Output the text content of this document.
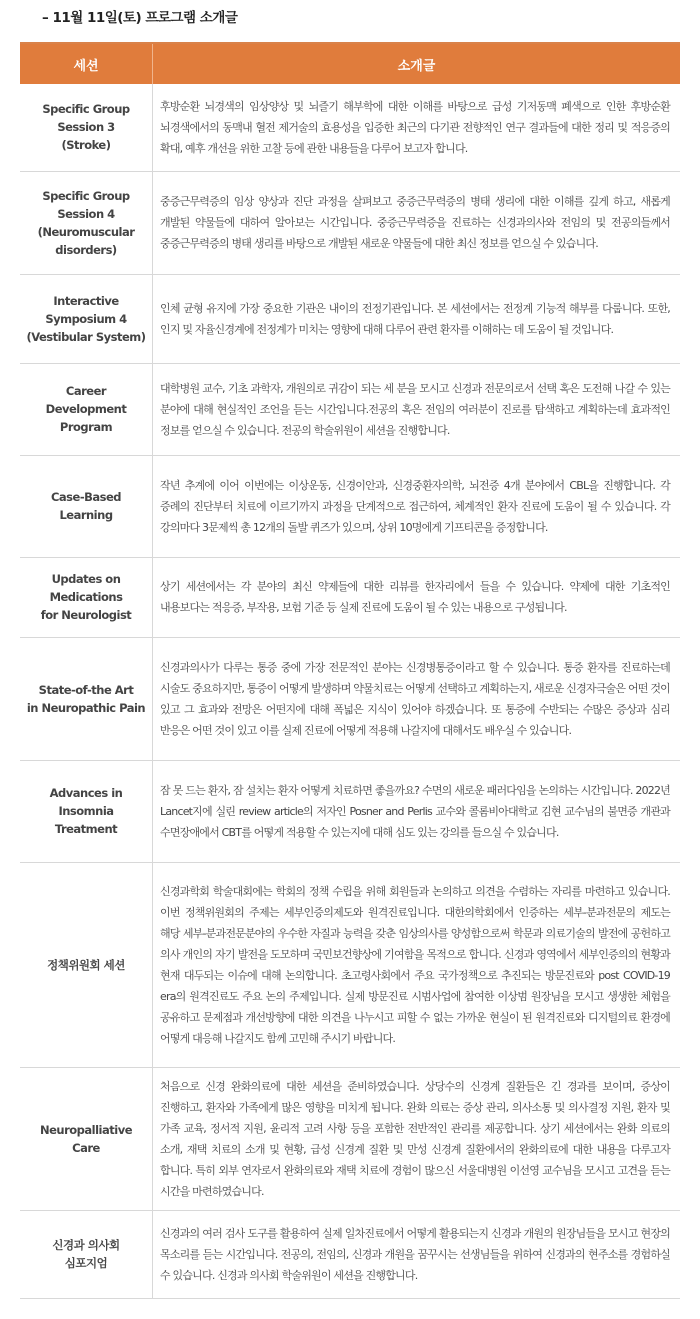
– 11월 11일(토) 프로그램 소개글
세션	소개글
Specific Group
Session 3
(Stroke)	후방순환 뇌경색의 임상양상 및 뇌즐기 해부학에 대한 이해를 바탕으로 급성 기저동맥 폐색으로 인한 후방순환 뇌경색에서의 동맥내 혈전 제거술의 효용성을 입증한 최근의 다기관 전향적인 연구 결과들에 대한 정리 및 적응증의 확대, 예후 개선을 위한 고찰 등에 관한 내용들을 다루어 보고자 합니다.
Specific Group
Session 4
(Neuromuscular
disorders)	중증근무력증의 임상 양상과 진단 과정을 살펴보고 중증근무력증의 병태 생리에 대한 이해를 깊게 하고, 새롭게 개발된 약물들에 대하여 알아보는 시간입니다. 중증근무력증을 진료하는 신경과의사와 전임의 및 전공의들께서 중증근무력증의 병태 생리를 바탕으로 개발된 새로운 약물들에 대한 최신 정보를 얻으실 수 있습니다.
Interactive
Symposium 4
(Vestibular System)	인체 균형 유지에 가장 중요한 기관은 내이의 전정기관입니다. 본 세션에서는 전정계 기능적 해부를 다룹니다. 또한, 인지 및 자율신경계에 전정계가 미치는 영향에 대해 다루어 관련 환자를 이해하는 데 도움이 될 것입니다.
Career
Development
Program	대학병원 교수, 기초 과학자, 개원의로 귀감이 되는 세 분을 모시고 신경과 전문의로서 선택 혹은 도전해 나갈 수 있는 분야에 대해 현실적인 조언을 듣는 시간입니다.전공의 혹은 전임의 여러분이 진로를 탐색하고 계획하는데 효과적인 정보를 얻으실 수 있습니다. 전공의 학술위원이 세션을 진행합니다.
Case-Based
Learning	작년 추계에 이어 이번에는 이상운동, 신경이안과, 신경중환자의학, 뇌전증 4개 분야에서 CBL을 진행합니다. 각 증례의 진단부터 치료에 이르기까지 과정을 단계적으로 접근하여, 체계적인 환자 진료에 도움이 될 수 있습니다. 각 강의마다 3문제씩 총 12개의 돌발 퀴즈가 있으며, 상위 10명에게 기프티콘을 증정합니다.
Updates on
Medications
for Neurologist	상기 세션에서는 각 분야의 최신 약제들에 대한 리뷰를 한자리에서 들을 수 있습니다. 약제에 대한 기초적인 내용보다는 적응증, 부작용, 보험 기준 등 실제 진료에 도움이 될 수 있는 내용으로 구성됩니다.
State-of-the Art
in Neuropathic Pain	신경과의사가 다루는 통증 중에 가장 전문적인 분야는 신경병통증이라고 할 수 있습니다. 통증 환자를 진료하는데 시술도 중요하지만, 통증이 어떻게 발생하며 약물치료는 어떻게 선택하고 계획하는지, 새로운 신경자극술은 어떤 것이 있고 그 효과와 전망은 어떤지에 대해 폭넓은 지식이 있어야 하겠습니다. 또 통증에 수반되는 수많은 증상과 심리 반응은 어떤 것이 있고 이를 실제 진료에 어떻게 적용해 나갈지에 대해서도 배우실 수 있습니다.
Advances in
Insomnia
Treatment	잠 못 드는 환자, 잠 설치는 환자 어떻게 치료하면 좋을까요? 수면의 새로운 패러다임을 논의하는 시간입니다. 2022년 Lancet지에 실린 review article의 저자인 Posner and Perlis 교수와 콜롬비아대학교 김현 교수님의 불면증 개관과 수면장애에서 CBT를 어떻게 적용할 수 있는지에 대해 심도 있는 강의를 들으실 수 있습니다.
정책위원회 세션	신경과학회 학술대회에는 학회의 정책 수립을 위해 회원들과 논의하고 의견을 수렴하는 자리를 마련하고 있습니다. 이번 정책위원회의 주제는 세부인증의제도와 원격진료입니다. 대한의학회에서 인증하는 세부-분과전문의 제도는 해당 세부-분과전문분야의 우수한 자질과 능력을 갖춘 임상의사를 양성함으로써 학문과 의료기술의 발전에 공헌하고 의사 개인의 자기 발전을 도모하며 국민보건향상에 기여함을 목적으로 합니다. 신경과 영역에서 세부인증의의 현황과 현재 대두되는 이슈에 대해 논의합니다. 초고령사회에서 주요 국가정책으로 추진되는 방문진료와 post COVID-19 era의 원격진료도 주요 논의 주제입니다. 실제 방문진료 시범사업에 참여한 이상범 원장님을 모시고 생생한 체험을 공유하고 문제점과 개선방향에 대한 의견을 나누시고 피할 수 없는 가까운 현실이 된 원격진료와 디지털의료 환경에 어떻게 대응해 나갈지도 함께 고민해 주시기 바랍니다.
Neuropalliative
Care	처음으로 신경 완화의료에 대한 세션을 준비하였습니다. 상당수의 신경계 질환들은 긴 경과를 보이며, 증상이 진행하고, 환자와 가족에게 많은 영향을 미치게 됩니다. 완화 의료는 증상 관리, 의사소통 및 의사결정 지원, 환자 및 가족 교육, 정서적 지원, 윤리적 고려 사항 등을 포함한 전반적인 관리를 제공합니다. 상기 세션에서는 완화 의료의 소개, 재택 치료의 소개 및 현황, 급성 신경계 질환 및 만성 신경계 질환에서의 완화의료에 대한 내용을 다루고자 합니다. 특히 외부 연자로서 완화의료와 재택 치료에 경험이 많으신 서울대병원 이선영 교수님을 모시고 고견을 듣는 시간을 마련하였습니다.
신경과 의사회
심포지엄	신경과의 여러 검사 도구를 활용하여 실제 일차진료에서 어떻게 활용되는지 신경과 개원의 원장님들을 모시고 현장의 목소리를 듣는 시간입니다. 전공의, 전임의, 신경과 개원을 꿈꾸시는 선생님들을 위하여 신경과의 현주소를 경험하실 수 있습니다. 신경과 의사회 학술위원이 세션을 진행합니다.
